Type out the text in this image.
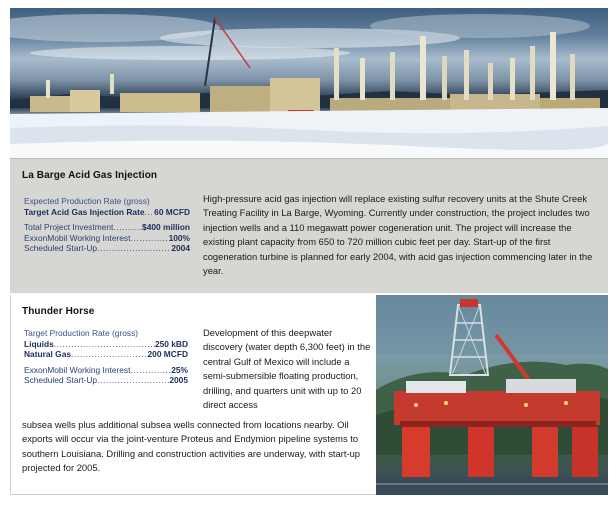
La Barge Acid Gas Injection
Expected Production Rate (gross)
Target Acid Gas Injection Rate ..... 60 MCFD
Total Project Investment .....	$400 million
ExxonMobil Working Interest .....	100%
Scheduled Start-Up .....	2004
High-pressure acid gas injection will replace existing sulfur recovery units at the Shute Creek Treating Facility in La Barge, Wyoming. Currently under construction, the project includes two injection wells and a 110 megawatt power cogeneration unit. The project will increase the existing plant capacity from 650 to 720 million cubic feet per day. Start-up of the first cogeneration turbine is planned for early 2004, with acid gas injection commencing later in the year.
Thunder Horse
Target Production Rate (gross)
Liquids .....	250 kBD
Natural Gas .....	200 MCFD
ExxonMobil Working Interest .....	25%
Scheduled Start-Up .....	2005
Development of this deepwater discovery (water depth 6,300 feet) in the central Gulf of Mexico will include a semi-submersible floating production, drilling, and quarters unit with up to 20 direct access
subsea wells plus additional subsea wells connected from locations nearby. Oil exports will occur via the joint-venture Proteus and Endymion pipeline systems to southern Louisiana. Drilling and construction activities are underway, with start-up projected for 2005.
